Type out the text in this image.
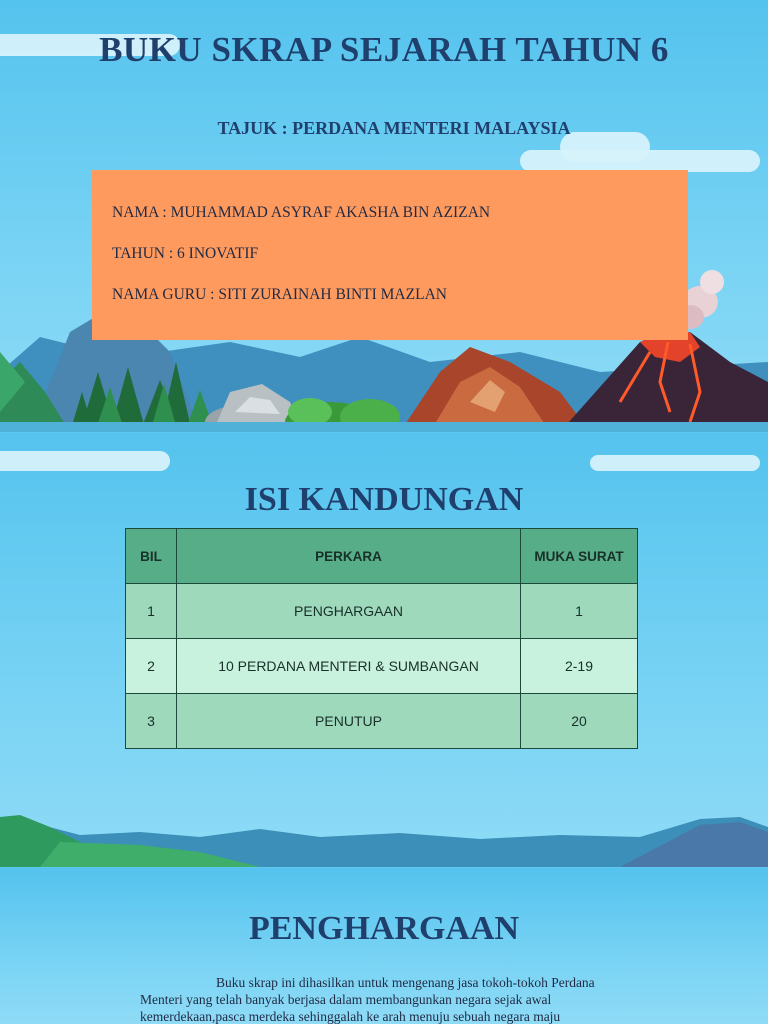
BUKU SKRAP SEJARAH TAHUN 6
TAJUK : PERDANA MENTERI MALAYSIA
NAMA : MUHAMMAD ASYRAF AKASHA BIN AZIZAN
TAHUN : 6 INOVATIF
NAMA GURU : SITI ZURAINAH BINTI MAZLAN
ISI KANDUNGAN
BIL	PERKARA	MUKA SURAT
1	PENGHARGAAN	1
2	10 PERDANA MENTERI & SUMBANGAN	2-19
3	PENUTUP	20
PENGHARGAAN
Buku skrap ini dihasilkan untuk mengenang jasa tokoh-tokoh Perdana Menteri yang telah banyak berjasa dalam membangunkan negara sejak awal kemerdekaan,pasca merdeka sehinggalah ke arah menuju sebuah negara maju
